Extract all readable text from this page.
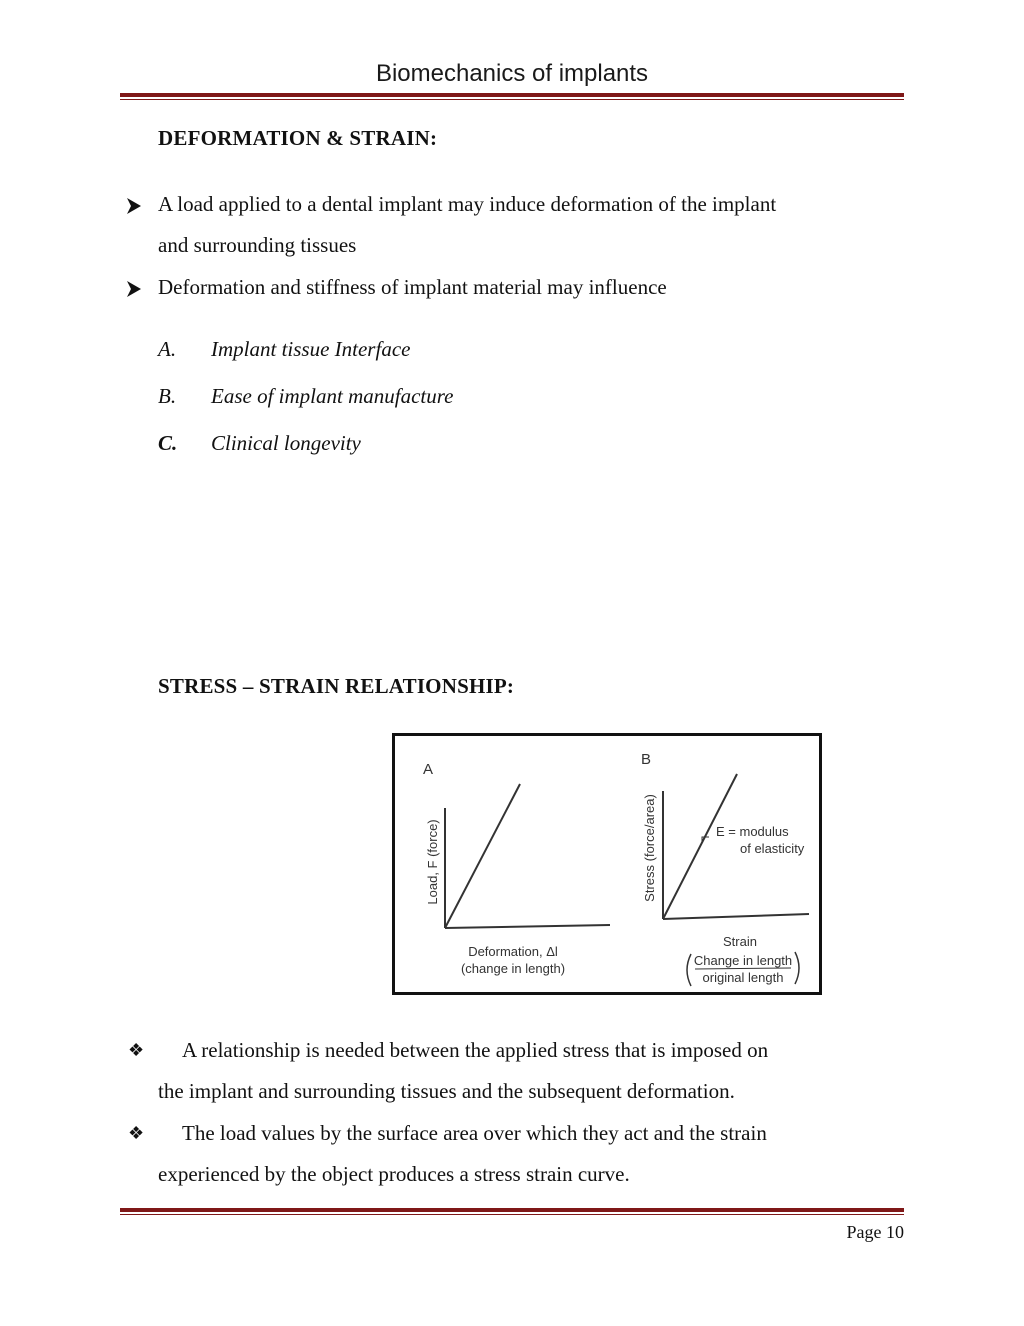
Biomechanics of implants
DEFORMATION & STRAIN:
A load applied to a dental implant may induce deformation of the implant
and surrounding tissues
Deformation and stiffness of implant material may influence
A. Implant tissue Interface
B. Ease of implant manufacture
C. Clinical longevity
STRESS – STRAIN RELATIONSHIP:
A
Load, F (force)
Deformation, Δl
(change in length)
B
Stress (force/area)	E = modulus
of elasticity
Strain
Change in length
original length
❖	A relationship is needed between the applied stress that is imposed on
the implant and surrounding tissues and the subsequent deformation.
❖	The load values by the surface area over which they act and the strain
experienced by the object produces a stress strain curve.
Page 10
